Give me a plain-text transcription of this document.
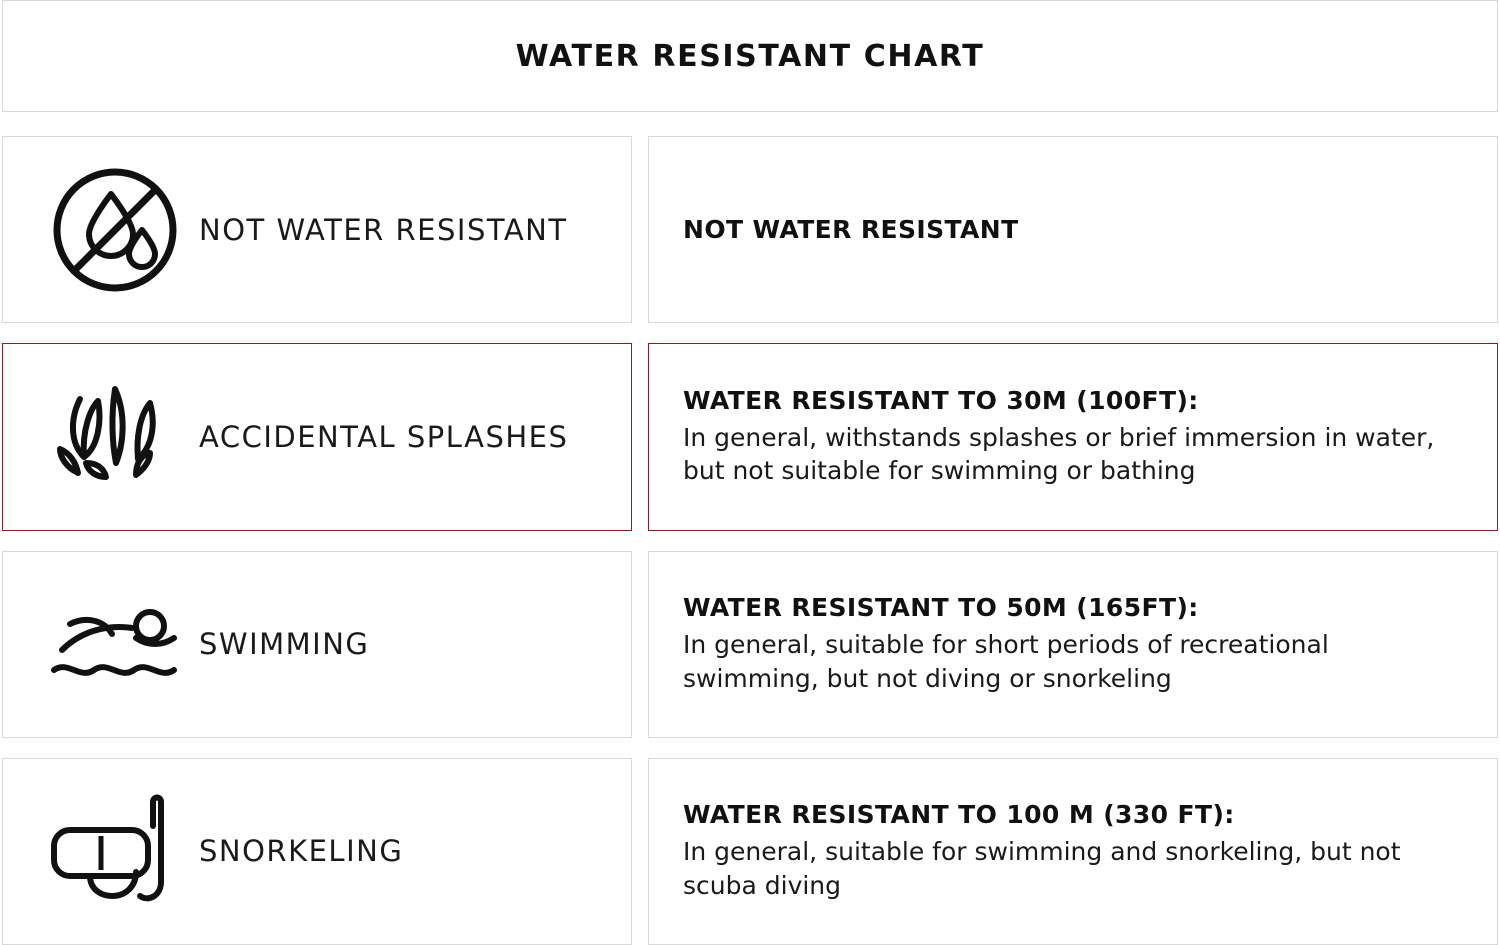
WATER RESISTANT CHART
NOT WATER RESISTANT	NOT WATER RESISTANT
ACCIDENTAL SPLASHES
WATER RESISTANT TO 30M (100FT):
In general, withstands splashes or brief immersion in water, but not suitable for swimming or bathing
SWIMMING
WATER RESISTANT TO 50M (165FT):
In general, suitable for short periods of recreational swimming, but not diving or snorkeling
SNORKELING
WATER RESISTANT TO 100 M (330 FT):
In general, suitable for swimming and snorkeling, but not scuba diving
